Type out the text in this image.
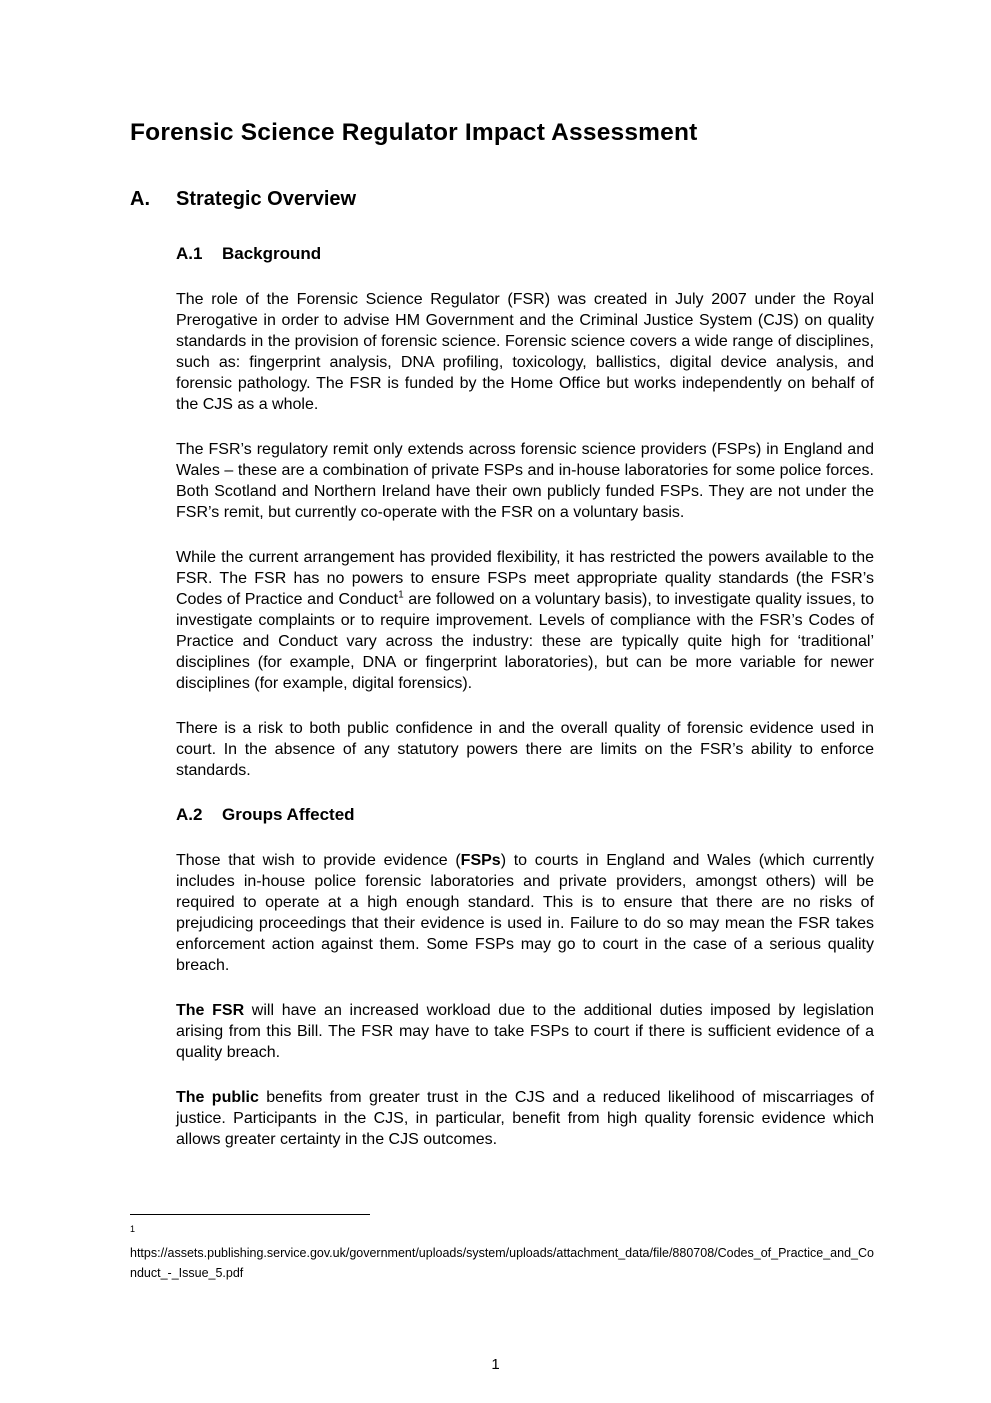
Forensic Science Regulator Impact Assessment
A.	Strategic Overview
A.1	Background

The role of the Forensic Science Regulator (FSR) was created in July 2007 under the Royal Prerogative in order to advise HM Government and the Criminal Justice System (CJS) on quality standards in the provision of forensic science. Forensic science covers a wide range of disciplines, such as: fingerprint analysis, DNA profiling, toxicology, ballistics, digital device analysis, and forensic pathology. The FSR is funded by the Home Office but works independently on behalf of the CJS as a whole.

The FSR’s regulatory remit only extends across forensic science providers (FSPs) in England and Wales – these are a combination of private FSPs and in-house laboratories for some police forces. Both Scotland and Northern Ireland have their own publicly funded FSPs. They are not under the FSR’s remit, but currently co-operate with the FSR on a voluntary basis.

While the current arrangement has provided flexibility, it has restricted the powers available to the FSR. The FSR has no powers to ensure FSPs meet appropriate quality standards (the FSR’s Codes of Practice and Conduct$^1$ are followed on a voluntary basis), to investigate quality issues, to investigate complaints or to require improvement. Levels of compliance with the FSR’s Codes of Practice and Conduct vary across the industry: these are typically quite high for ‘traditional’ disciplines (for example, DNA or fingerprint laboratories), but can be more variable for newer disciplines (for example, digital forensics).

There is a risk to both public confidence in and the overall quality of forensic evidence used in court. In the absence of any statutory powers there are limits on the FSR’s ability to enforce standards.

A.2	Groups Affected

Those that wish to provide evidence (FSPs) to courts in England and Wales (which currently includes in-house police forensic laboratories and private providers, amongst others) will be required to operate at a high enough standard. This is to ensure that there are no risks of prejudicing proceedings that their evidence is used in. Failure to do so may mean the FSR takes enforcement action against them. Some FSPs may go to court in the case of a serious quality breach.

The FSR will have an increased workload due to the additional duties imposed by legislation arising from this Bill. The FSR may have to take FSPs to court if there is sufficient evidence of a quality breach.

The public benefits from greater trust in the CJS and a reduced likelihood of miscarriages of justice. Participants in the CJS, in particular, benefit from high quality forensic evidence which allows greater certainty in the CJS outcomes.

1
https://assets.publishing.service.gov.uk/government/uploads/system/uploads/attachment_data/file/880708/Codes_of_Practice_and_Conduct_-_Issue_5.pdf
1
